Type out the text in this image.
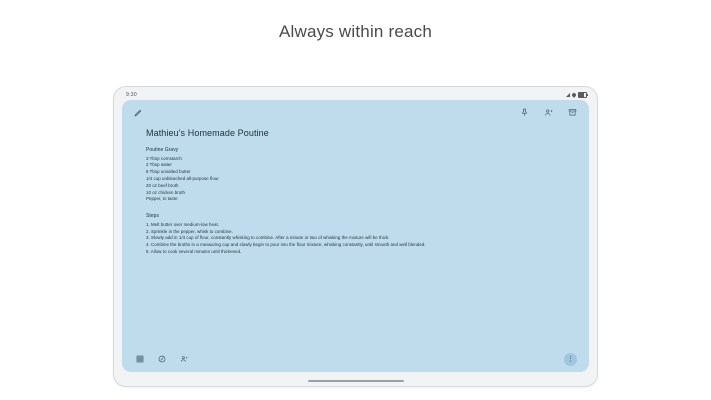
Always within reach
9:30
Mathieu's Homemade Poutine
Poutine Gravy
3 Tbsp cornstarch
2 Tbsp water
6 Tbsp unsalted butter
1/4 cup unbleached all-purpose flour
20 oz beef broth
10 oz chicken broth
Pepper, to taste
Steps
1. Melt butter over medium-low heat.
2. Sprinkle in the pepper, whisk to combine.
3. Slowly add in 1/4 cup of flour, constantly whisking to combine. After a minute or two of whisking the mixture will be thick.
4. Combine the broths in a measuring cup and slowly begin to pour into the flour mixture, whisking constantly, until smooth and well blended.
5. Allow to cook several minutes until thickened.
⋮
